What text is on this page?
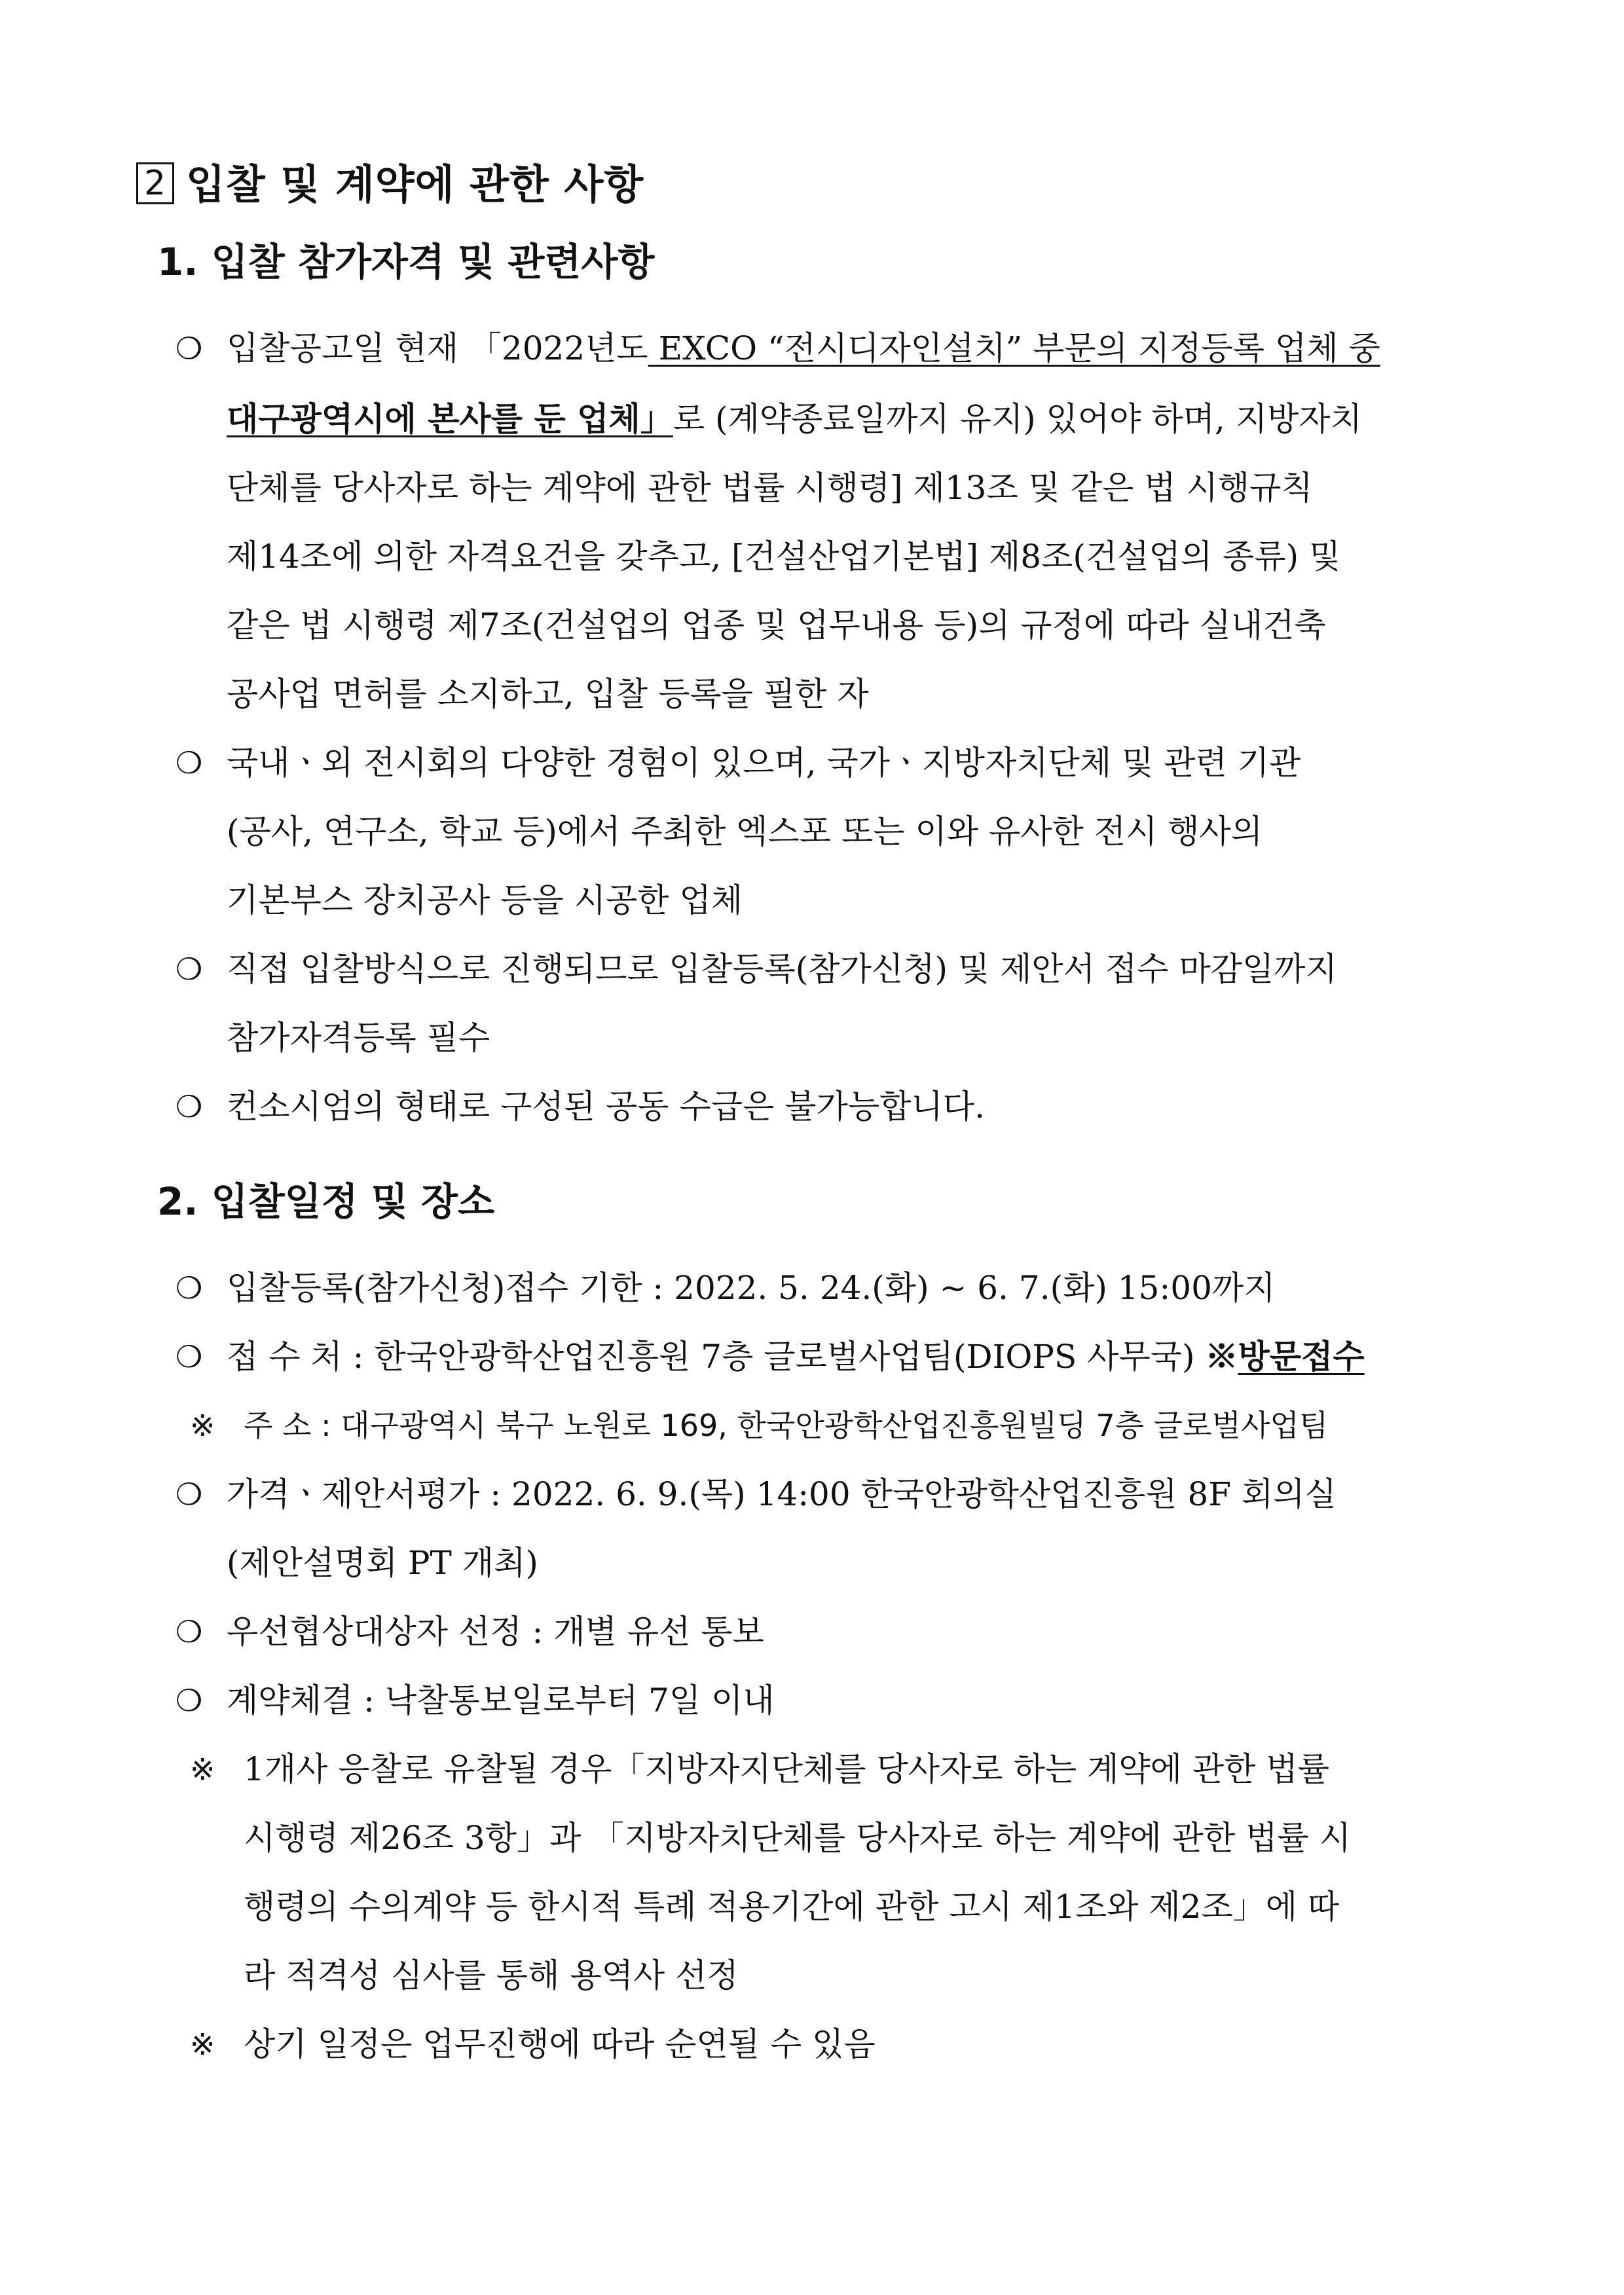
2 입찰 및 계약에 관한 사항
1. 입찰 참가자격 및 관련사항
❍ 입찰공고일 현재 「2022년도 EXCO “전시디자인설치” 부문의 지정등록 업체 중
대구광역시에 본사를 둔 업체」로 (계약종료일까지 유지) 있어야 하며, 지방자치
단체를 당사자로 하는 계약에 관한 법률 시행령] 제13조 및 같은 법 시행규칙
제14조에 의한 자격요건을 갖추고, [건설산업기본법] 제8조(건설업의 종류) 및
같은 법 시행령 제7조(건설업의 업종 및 업무내용 등)의 규정에 따라 실내건축
공사업 면허를 소지하고, 입찰 등록을 필한 자
❍ 국내ㆍ외 전시회의 다양한 경험이 있으며, 국가ㆍ지방자치단체 및 관련 기관
(공사, 연구소, 학교 등)에서 주최한 엑스포 또는 이와 유사한 전시 행사의
기본부스 장치공사 등을 시공한 업체
❍ 직접 입찰방식으로 진행되므로 입찰등록(참가신청) 및 제안서 접수 마감일까지
참가자격등록 필수
❍ 컨소시엄의 형태로 구성된 공동 수급은 불가능합니다.
2. 입찰일정 및 장소
❍ 입찰등록(참가신청)접수 기한 : 2022. 5. 24.(화) ~ 6. 7.(화) 15:00까지
❍ 접 수 처 : 한국안광학산업진흥원 7층 글로벌사업팀(DIOPS 사무국) ※방문접수
※ 주 소 : 대구광역시 북구 노원로 169, 한국안광학산업진흥원빌딩 7층 글로벌사업팀
❍ 가격ㆍ제안서평가 : 2022. 6. 9.(목) 14:00 한국안광학산업진흥원 8F 회의실
(제안설명회 PT 개최)
❍ 우선협상대상자 선정 : 개별 유선 통보
❍ 계약체결 : 낙찰통보일로부터 7일 이내
※ 1개사 응찰로 유찰될 경우「지방자지단체를 당사자로 하는 계약에 관한 법률
시행령 제26조 3항」과 「지방자치단체를 당사자로 하는 계약에 관한 법률 시
행령의 수의계약 등 한시적 특례 적용기간에 관한 고시 제1조와 제2조」에 따
라 적격성 심사를 통해 용역사 선정
※ 상기 일정은 업무진행에 따라 순연될 수 있음
